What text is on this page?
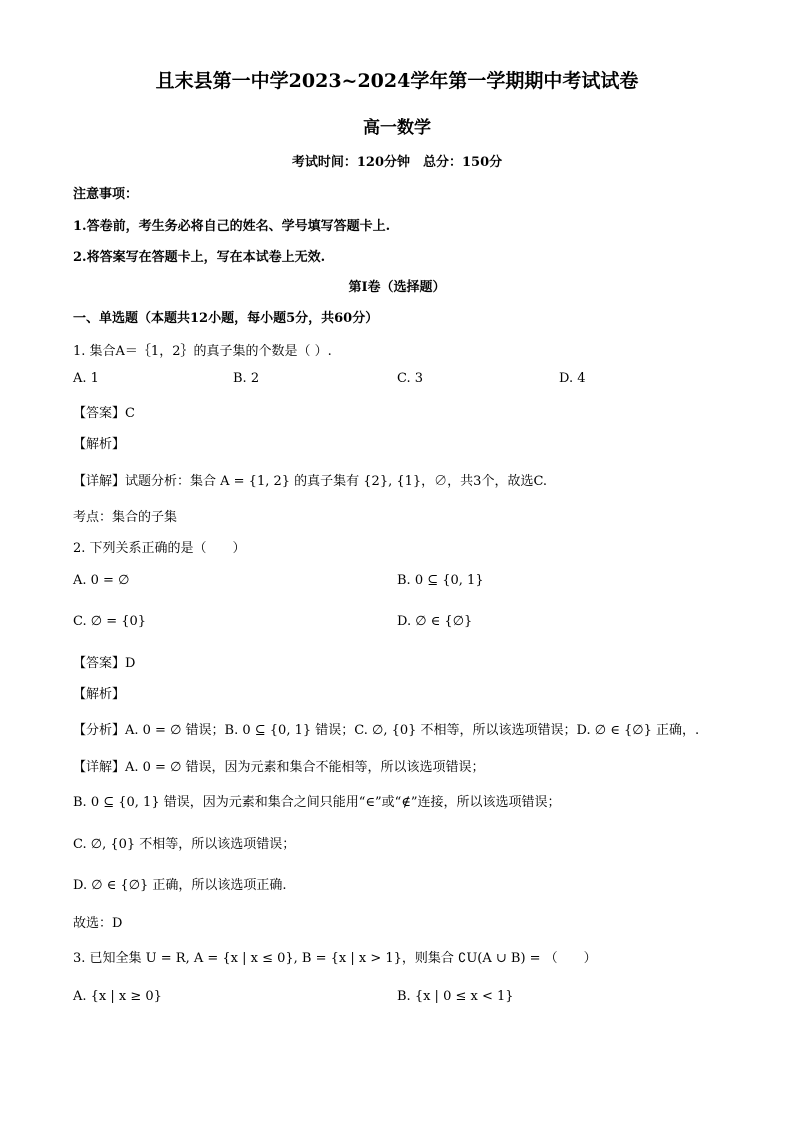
且末县第一中学2023~2024学年第一学期期中考试试卷
高一数学
考试时间：120分钟　总分：150分
注意事项：
1.答卷前，考生务必将自己的姓名、学号填写答题卡上.
2.将答案写在答题卡上，写在本试卷上无效.
第Ⅰ卷（选择题）
一、单选题（本题共12小题，每小题5分，共60分）
1. 集合A＝｛1，2｝的真子集的个数是（ ）.
A. 1	B. 2	C. 3	D. 4
【答案】C
【解析】
【详解】试题分析：集合 A = {1, 2} 的真子集有 {2}, {1}，∅，共3个，故选C.
考点：集合的子集
2. 下列关系正确的是（　　）
A. 0 = ∅	B. 0 ⊆ {0, 1}
C. ∅ = {0}	D. ∅ ∈ {∅}
【答案】D
【解析】
【分析】A. 0 = ∅ 错误；B. 0 ⊆ {0, 1} 错误；C. ∅, {0} 不相等，所以该选项错误；D. ∅ ∈ {∅} 正确，.
【详解】A. 0 = ∅ 错误，因为元素和集合不能相等，所以该选项错误；
B. 0 ⊆ {0, 1} 错误，因为元素和集合之间只能用“∈”或“∉”连接，所以该选项错误；
C. ∅, {0} 不相等，所以该选项错误；
D. ∅ ∈ {∅} 正确，所以该选项正确.
故选：D
3. 已知全集 U = R, A = {x | x ≤ 0}, B = {x | x > 1}，则集合 ∁U(A ∪ B) = （　　）
A. {x | x ≥ 0}	B. {x | 0 ≤ x < 1}
